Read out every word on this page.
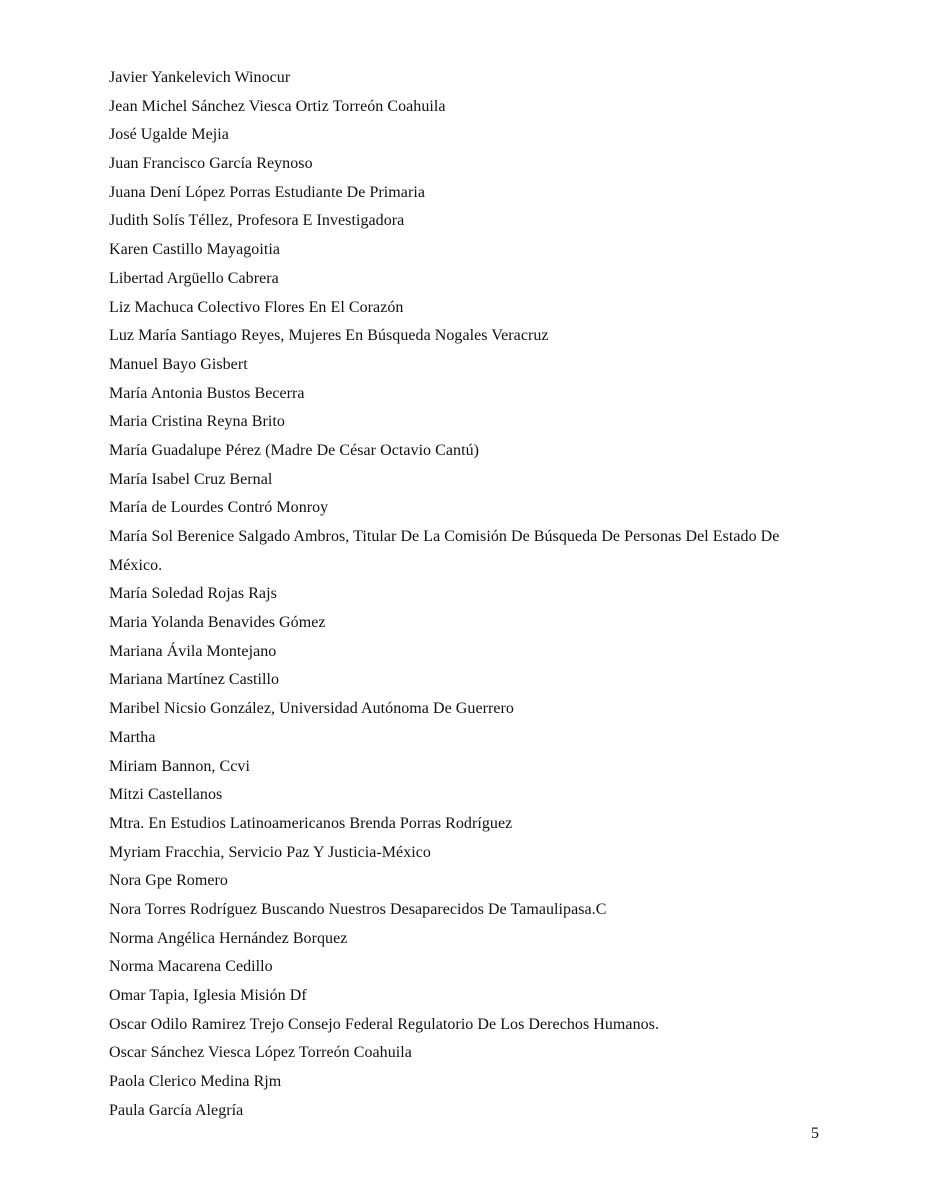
Javier Yankelevich Winocur
Jean Michel Sánchez Viesca Ortiz Torreón Coahuila
José Ugalde Mejia
Juan Francisco García Reynoso
Juana Dení López Porras Estudiante De Primaria
Judith Solís Téllez, Profesora E Investigadora
Karen Castillo Mayagoitia
Libertad Argüello Cabrera
Liz Machuca Colectivo Flores En El Corazón
Luz María Santiago Reyes, Mujeres En Búsqueda Nogales Veracruz
Manuel Bayo Gisbert
María Antonia Bustos Becerra
Maria Cristina Reyna Brito
María Guadalupe Pérez (Madre De César Octavio Cantú)
María Isabel Cruz Bernal
María de Lourdes Contró Monroy
María Sol Berenice Salgado Ambros, Titular De La Comisión De Búsqueda De Personas Del Estado De
México.
María Soledad Rojas Rajs
Maria Yolanda Benavides Gómez
Mariana Ávila Montejano
Mariana Martínez Castillo
Maribel Nicsio González, Universidad Autónoma De Guerrero
Martha
Miriam Bannon, Ccvi
Mitzi Castellanos
Mtra. En Estudios Latinoamericanos Brenda Porras Rodríguez
Myriam Fracchia, Servicio Paz Y Justicia-México
Nora Gpe Romero
Nora Torres Rodríguez Buscando Nuestros Desaparecidos De Tamaulipasa.C
Norma Angélica Hernández Borquez
Norma Macarena Cedillo
Omar Tapia, Iglesia Misión Df
Oscar Odilo Ramirez Trejo Consejo Federal Regulatorio De Los Derechos Humanos.
Oscar Sánchez Viesca López Torreón Coahuila
Paola Clerico Medina Rjm
Paula García Alegría
5
